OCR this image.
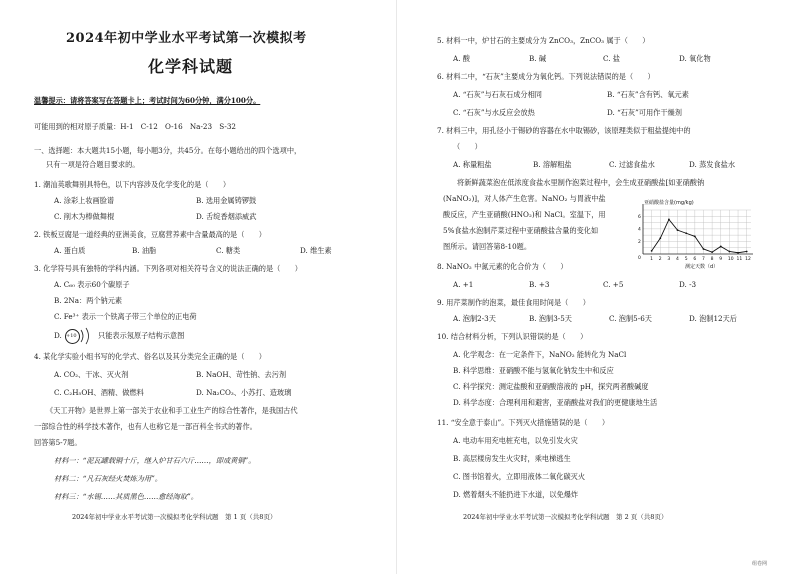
2024年初中学业水平考试第一次模拟考
化学科试题
温馨提示：请将答案写在答题卡上；考试时间为60分钟，满分100分。
可能用到的相对原子质量：H-1　C-12　O-16　Na-23　S-32
一、选择题：本大题共15小题，每小题3分，共45分。在每小题给出的四个选项中，
只有一项是符合题目要求的。
1. 潮汕英歌舞别具特色，以下内容涉及化学变化的是（　　）
A. 涂彩上妆画脸谱	B. 选用金属铸锣鼓
C. 削木为棒做舞棍	D. 舌绽香烟添威武
2. 铁板豆腐是一道经典的亚洲美食，豆腐营养素中含量最高的是（　　）
A. 蛋白质	B. 油脂	C. 糖类	D. 维生素
3. 化学符号具有独特的学科内涵。下列各项对相关符号含义的说法正确的是（　　）
A. C₆₀ 表示60个碳原子
B. 2Na：两个钠元素
C. Fe³⁺ 表示一个铁离子带三个单位的正电荷
D. +10	只能表示氖原子结构示意图
4. 某化学实验小组书写的化学式、俗名以及其分类完全正确的是（　　）
A. CO₂、干冰、灭火剂	B. NaOH、苛性钠、去污剂
C. C₂H₅OH、酒精、做燃料	D. Na₂CO₃、小苏打、造玻璃
《天工开物》是世界上第一部关于农业和手工业生产的综合性著作，是我国古代
一部综合性的科学技术著作，也有人也称它是一部百科全书式的著作。
回答第5-7题。
材料一：“泥瓦罐载铜十斤，继入炉甘石六斤……，即成黄铜”。
材料二：“凡石灰经火焚炼为用”。
材料三：“水锡……其质黑色……愈经淘取”。
2024年初中学业水平考试第一次模拟考化学科试题　第 1 页（共8页）
5. 材料一中，炉甘石的主要成分为 ZnCO₃，ZnCO₃ 属于（　　）
A. 酸	B. 碱	C. 盐	D. 氧化物
6. 材料二中，“石灰”主要成分为氧化钙。下列说法错误的是（　　）
A. “石灰”与石灰石成分相同	B. “石灰”含有钙、氧元素
C. “石灰”与水反应会放热	D. “石灰”可用作干燥剂
7. 材料三中，用孔径小于锡砂的容器在水中取锡砂，该原理类似于粗盐提纯中的
（　　）
A. 称量粗盐	B. 溶解粗盐	C. 过滤食盐水	D. 蒸发食盐水
将新鲜蔬菜泡在低浓度食盐水里制作泡菜过程中，会生成亚硝酸盐[如亚硝酸钠
(NaNO₂)]，对人体产生危害。NaNO₂ 与胃液中盐
酸反应，产生亚硝酸(HNO₂)和 NaCl。室温下，用
5%食盐水泡制芹菜过程中亚硝酸盐含量的变化如
图所示。请回答第8-10题。
亚硝酸盐含量(mg/kg)
测定天数（d）
1 2 3 4 5 6 7 8 9 10 11 12
2
4
6
0
8. NaNO₂ 中氮元素的化合价为（　　）
A. +1	B. +3	C. +5	D. -3
9. 用芹菜制作的泡菜，最佳食用时间是（　　）
A. 泡制2-3天	B. 泡制3-5天	C. 泡制5-6天	D. 泡制12天后
10. 结合材料分析，下列认识错误的是（　　）
A. 化学观念：在一定条件下，NaNO₂ 能转化为 NaCl
B. 科学思维：亚硝酸不能与氢氧化钠发生中和反应
C. 科学探究：测定盐酸和亚硝酸溶液的 pH，探究两者酸碱度
D. 科学态度：合理利用和避害，亚硝酸盐对我们的更健康地生活
11. “安全意于泰山”。下列灭火措施错误的是（　　）
A. 电动车用充电桩充电，以免引发火灾
B. 高层楼房发生火灾时，乘电梯逃生
C. 图书馆着火，立即用液体二氧化碳灭火
D. 燃着烟头不能扔进下水道，以免爆炸
2024年初中学业水平考试第一次模拟考化学科试题　第 2 页（共8页）
组卷网
